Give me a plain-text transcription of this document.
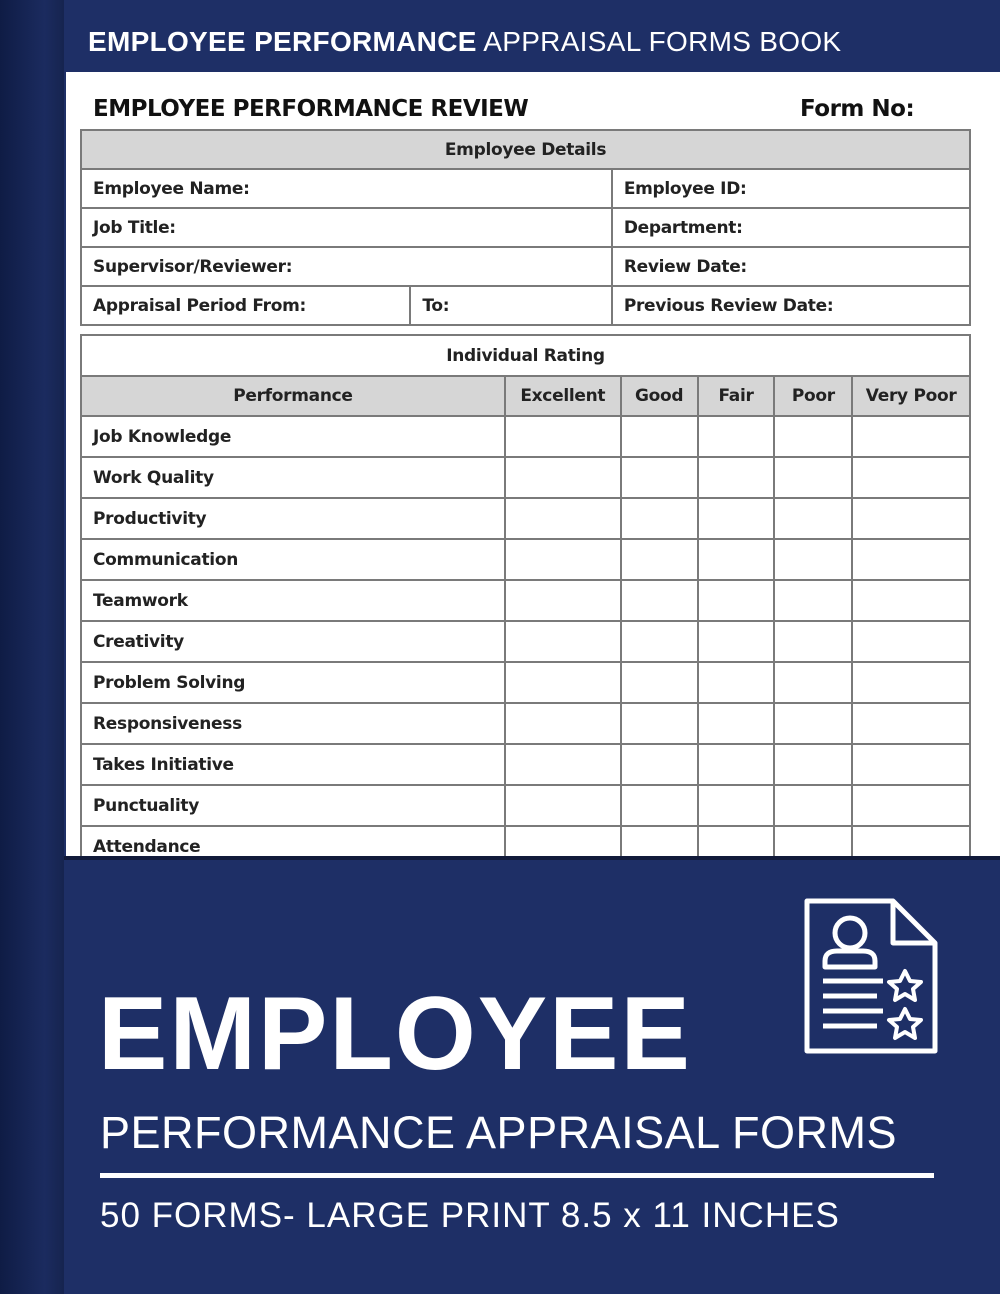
EMPLOYEE PERFORMANCE APPRAISAL FORMS BOOK
EMPLOYEE PERFORMANCE REVIEW	Form No:
Employee Details		
Employee Name:		Employee ID:
Job Title:		Department:
Supervisor/Reviewer:		Review Date:
Appraisal Period From:	To:	Previous Review Date:
Individual Rating					
Performance	Excellent	Good	Fair	Poor	Very Poor
Job Knowledge					
Work Quality					
Productivity					
Communication					
Teamwork					
Creativity					
Problem Solving					
Responsiveness					
Takes Initiative					
Punctuality					
Attendance					
EMPLOYEE
PERFORMANCE APPRAISAL FORMS
50 FORMS- LARGE PRINT 8.5 x 11 INCHES
